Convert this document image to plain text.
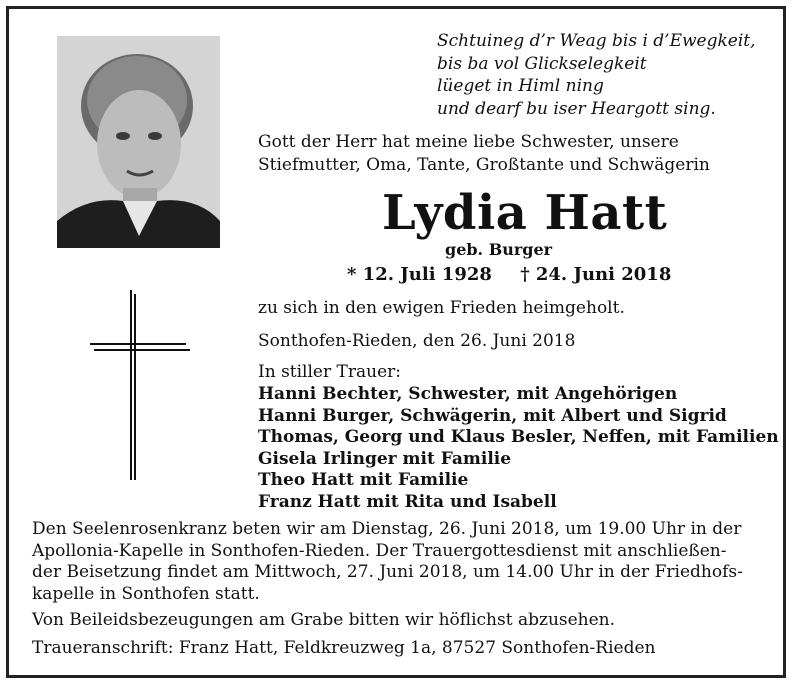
Schtuineg d’r Weag bis i d’Ewegkeit,
bis ba vol Glickselegkeit
lüeget in Himl ning
und dearf bu iser Heargott sing.
Gott der Herr hat meine liebe Schwester, unsere
Stiefmutter, Oma, Tante, Großtante und Schwägerin
Lydia Hatt
geb. Burger
* 12. Juli 1928 † 24. Juni 2018
zu sich in den ewigen Frieden heimgeholt.
Sonthofen-Rieden, den 26. Juni 2018
In stiller Trauer:
Hanni Bechter, Schwester, mit Angehörigen
Hanni Burger, Schwägerin, mit Albert und Sigrid
Thomas, Georg und Klaus Besler, Neffen, mit Familien
Gisela Irlinger mit Familie
Theo Hatt mit Familie
Franz Hatt mit Rita und Isabell
Den Seelenrosenkranz beten wir am Dienstag, 26. Juni 2018, um 19.00 Uhr in der
Apollonia-Kapelle in Sonthofen-Rieden. Der Trauergottesdienst mit anschließen-
der Beisetzung findet am Mittwoch, 27. Juni 2018, um 14.00 Uhr in der Friedhofs-
kapelle in Sonthofen statt.
Von Beileidsbezeugungen am Grabe bitten wir höflichst abzusehen.
Traueranschrift: Franz Hatt, Feldkreuzweg 1a, 87527 Sonthofen-Rieden
